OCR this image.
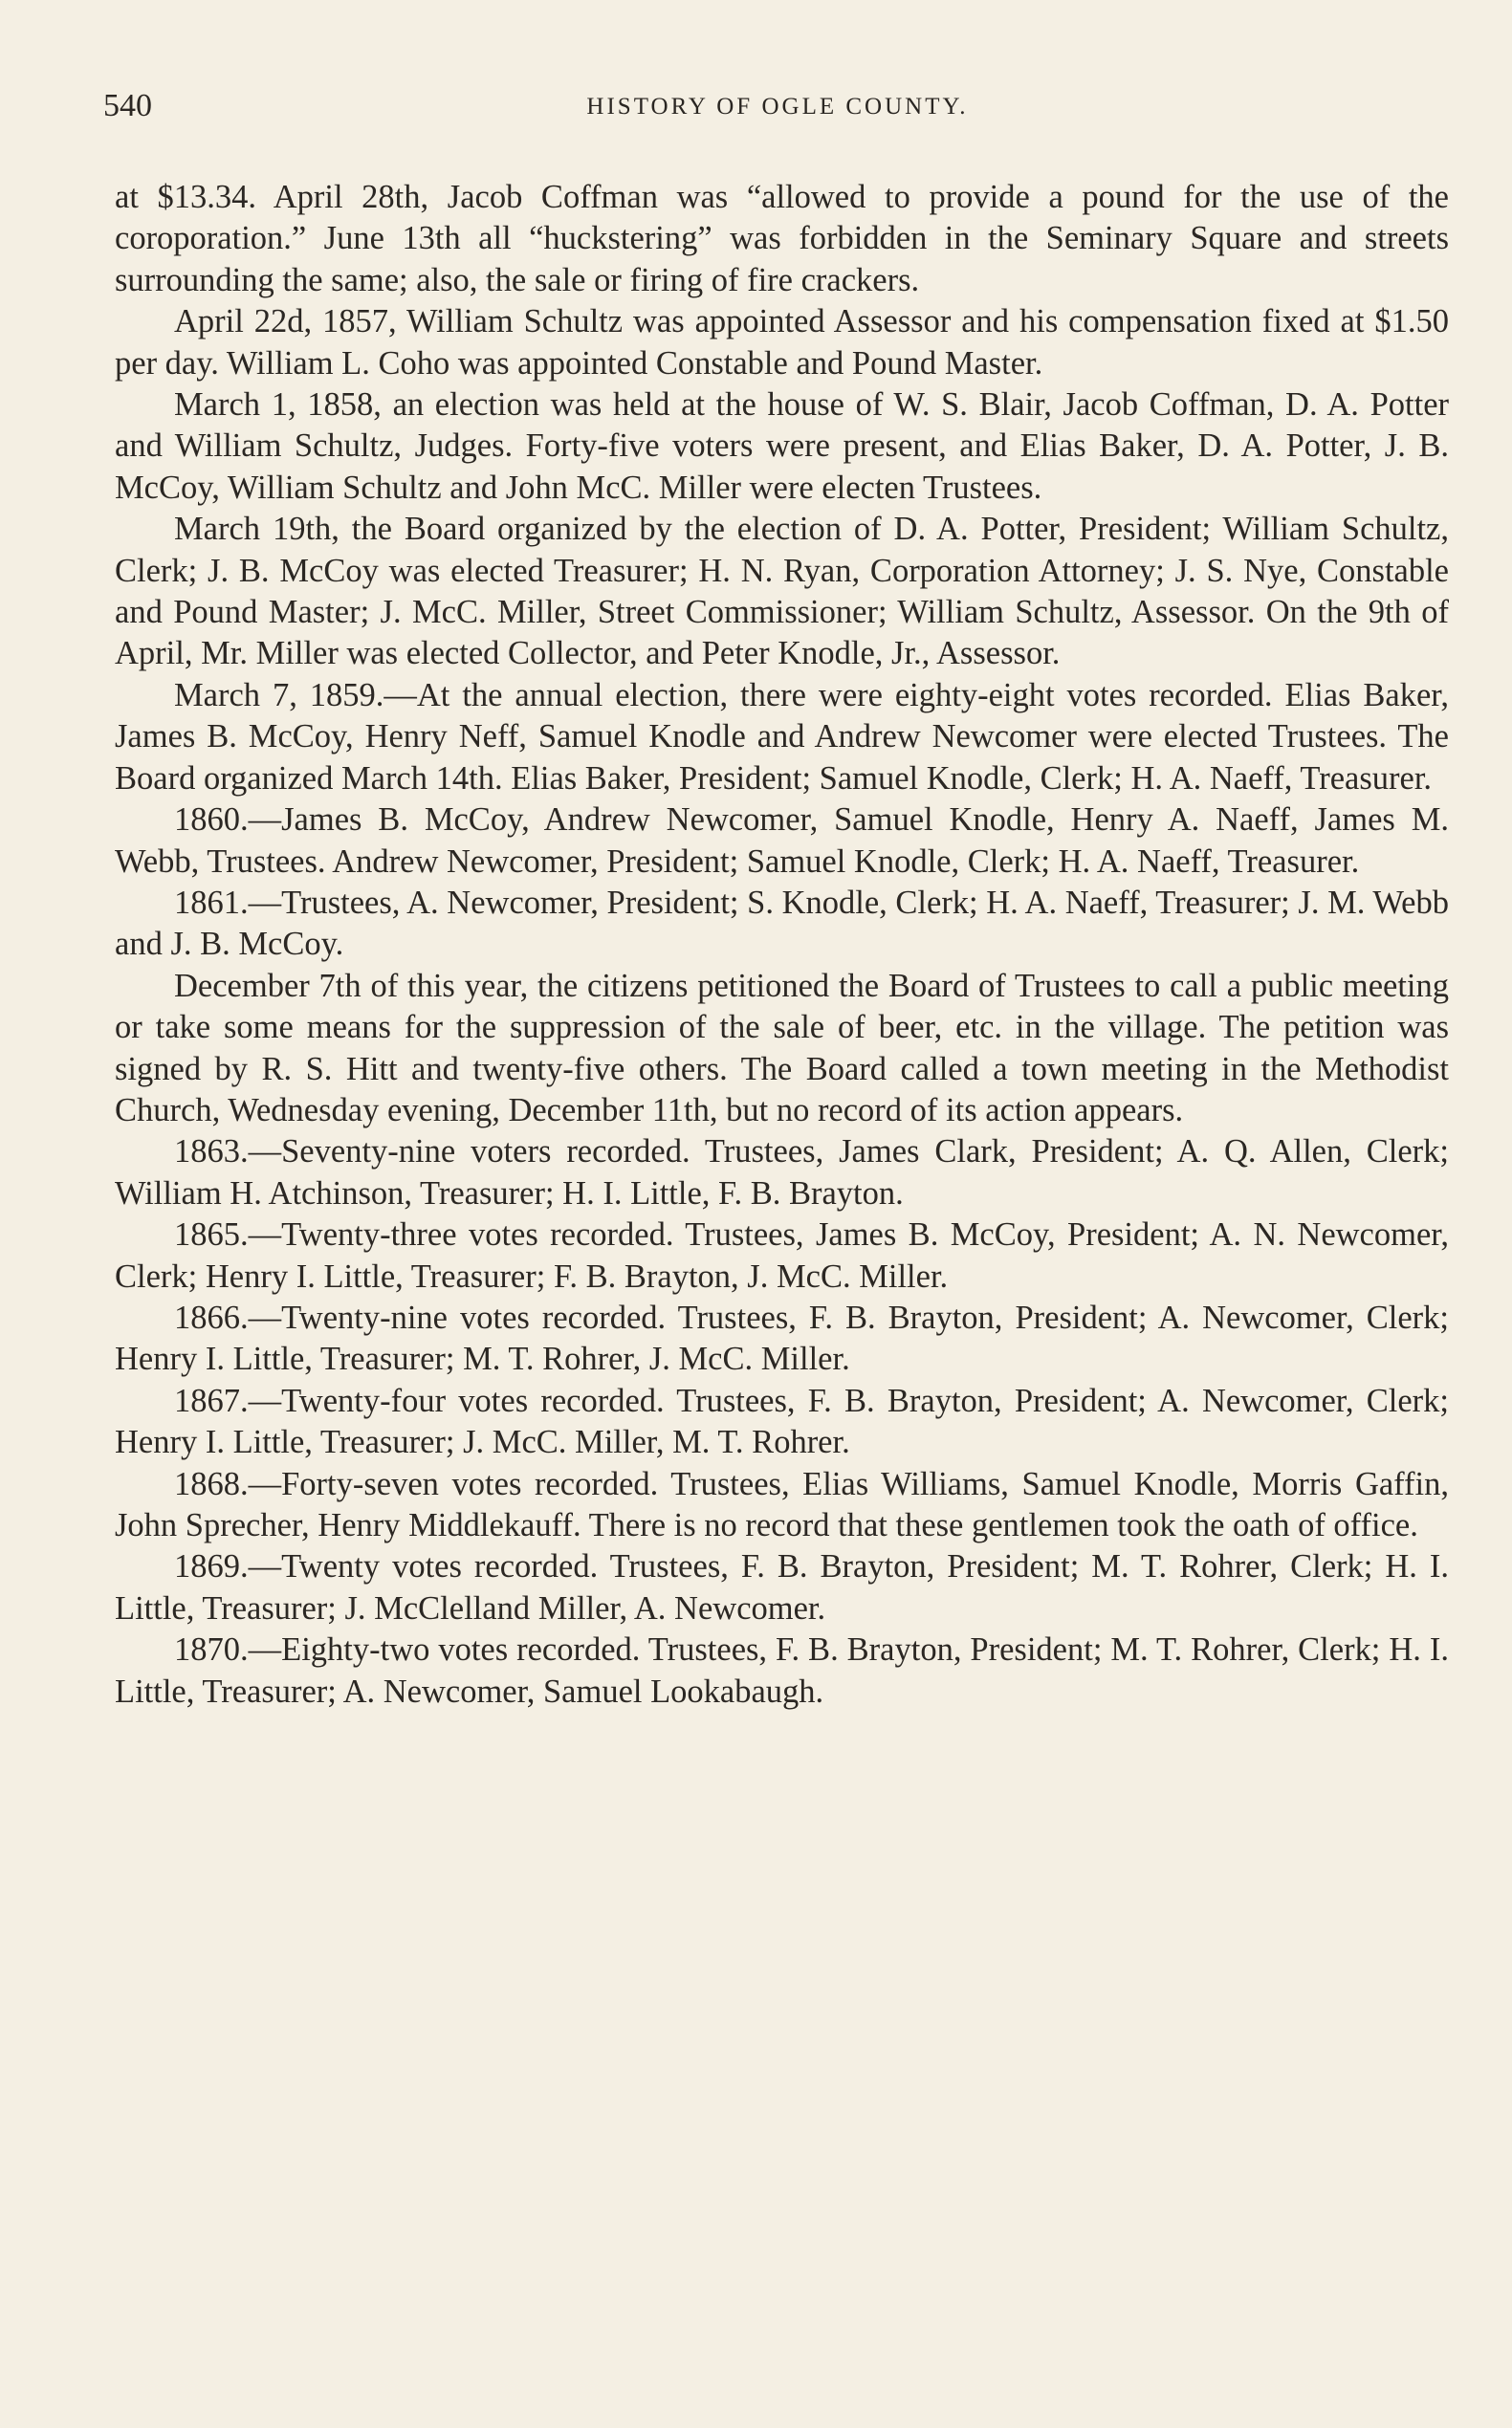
540	HISTORY OF OGLE COUNTY.

at $13.34. April 28th, Jacob Coffman was “allowed to provide a pound for the use of the coroporation.” June 13th all “huckstering” was forbidden in the Seminary Square and streets surrounding the same; also, the sale or firing of fire crackers.

April 22d, 1857, William Schultz was appointed Assessor and his compensation fixed at $1.50 per day. William L. Coho was appointed Constable and Pound Master.

March 1, 1858, an election was held at the house of W. S. Blair, Jacob Coffman, D. A. Potter and William Schultz, Judges. Forty-five voters were present, and Elias Baker, D. A. Potter, J. B. McCoy, William Schultz and John McC. Miller were electen Trustees.

March 19th, the Board organized by the election of D. A. Potter, President; William Schultz, Clerk; J. B. McCoy was elected Treasurer; H. N. Ryan, Corporation Attorney; J. S. Nye, Constable and Pound Master; J. McC. Miller, Street Commissioner; William Schultz, Assessor. On the 9th of April, Mr. Miller was elected Collector, and Peter Knodle, Jr., Assessor.

March 7, 1859.—At the annual election, there were eighty-eight votes recorded. Elias Baker, James B. McCoy, Henry Neff, Samuel Knodle and Andrew Newcomer were elected Trustees. The Board organized March 14th. Elias Baker, President; Samuel Knodle, Clerk; H. A. Naeff, Treasurer.

1860.—James B. McCoy, Andrew Newcomer, Samuel Knodle, Henry A. Naeff, James M. Webb, Trustees. Andrew Newcomer, President; Samuel Knodle, Clerk; H. A. Naeff, Treasurer.

1861.—Trustees, A. Newcomer, President; S. Knodle, Clerk; H. A. Naeff, Treasurer; J. M. Webb and J. B. McCoy.

December 7th of this year, the citizens petitioned the Board of Trustees to call a public meeting or take some means for the suppression of the sale of beer, etc. in the village. The petition was signed by R. S. Hitt and twenty-five others. The Board called a town meeting in the Methodist Church, Wednesday evening, December 11th, but no record of its action appears.

1863.—Seventy-nine voters recorded. Trustees, James Clark, President; A. Q. Allen, Clerk; William H. Atchinson, Treasurer; H. I. Little, F. B. Brayton.

1865.—Twenty-three votes recorded. Trustees, James B. McCoy, President; A. N. Newcomer, Clerk; Henry I. Little, Treasurer; F. B. Brayton, J. McC. Miller.

1866.—Twenty-nine votes recorded. Trustees, F. B. Brayton, President; A. Newcomer, Clerk; Henry I. Little, Treasurer; M. T. Rohrer, J. McC. Miller.

1867.—Twenty-four votes recorded. Trustees, F. B. Brayton, President; A. Newcomer, Clerk; Henry I. Little, Treasurer; J. McC. Miller, M. T. Rohrer.

1868.—Forty-seven votes recorded. Trustees, Elias Williams, Samuel Knodle, Morris Gaffin, John Sprecher, Henry Middlekauff. There is no record that these gentlemen took the oath of office.

1869.—Twenty votes recorded. Trustees, F. B. Brayton, President; M. T. Rohrer, Clerk; H. I. Little, Treasurer; J. McClelland Miller, A. Newcomer.

1870.—Eighty-two votes recorded. Trustees, F. B. Brayton, President; M. T. Rohrer, Clerk; H. I. Little, Treasurer; A. Newcomer, Samuel Lookabaugh.
